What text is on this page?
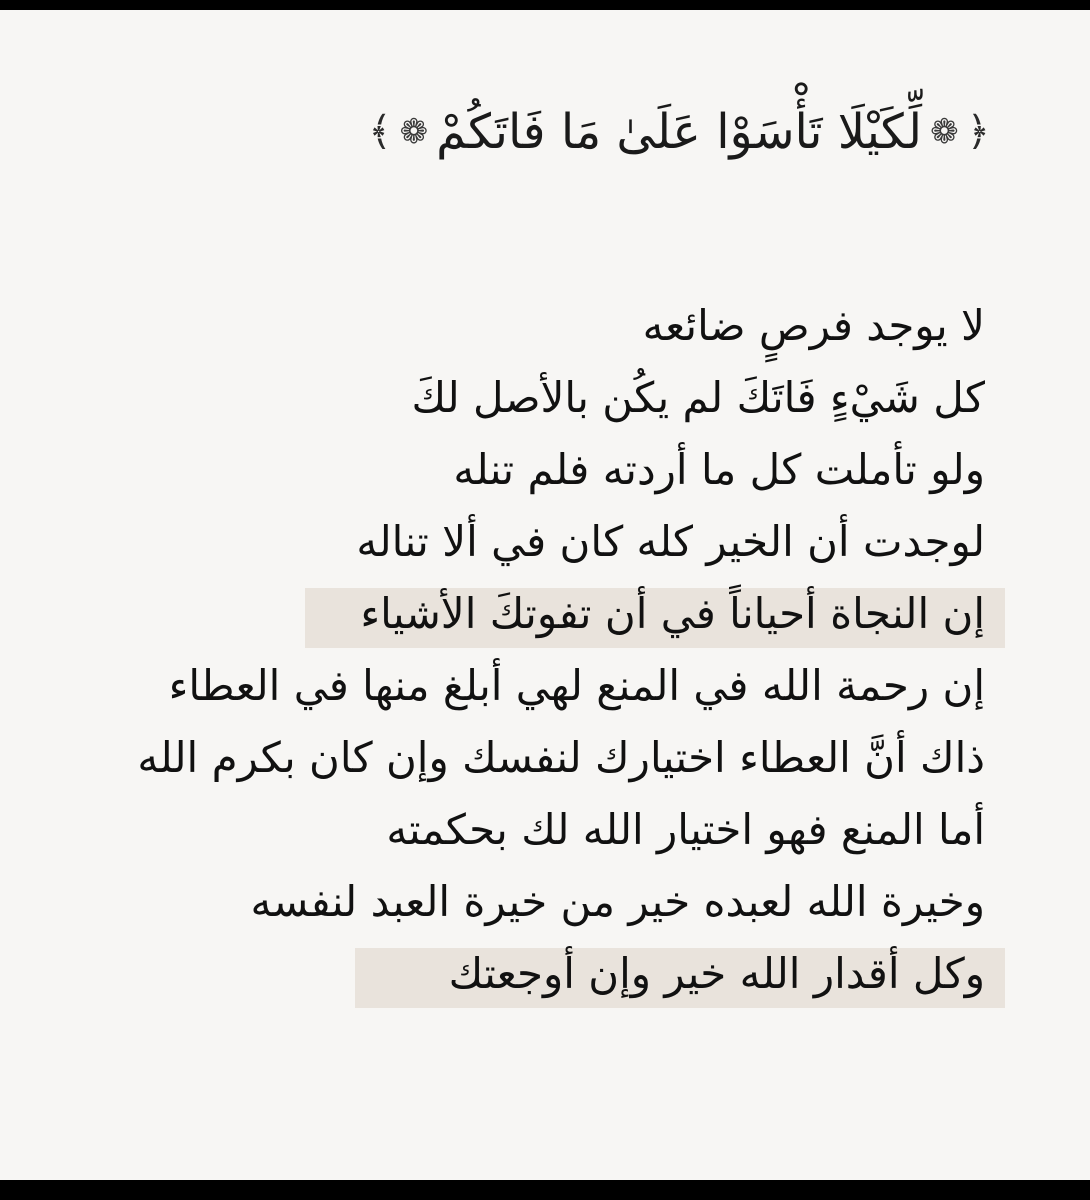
﴿
❁
لِّكَيْلَا تَأْسَوْا عَلَىٰ مَا فَاتَكُمْ
❁
﴾
لا يوجد فرصٍ ضائعه
كل شَيْءٍ فَاتَكَ لم يكُن بالأصل لكَ
ولو تأملت كل ما أردته فلم تنله
لوجدت أن الخير كله كان في ألا تناله
إن النجاة أحياناً في أن تفوتكَ الأشياء
إن رحمة الله في المنع لهي أبلغ منها في العطاء
ذاك أنَّ العطاء اختيارك لنفسك وإن كان بكرم الله
أما المنع فهو اختيار الله لك بحكمته
وخيرة الله لعبده خير من خيرة العبد لنفسه
وكل أقدار الله خير وإن أوجعتك
